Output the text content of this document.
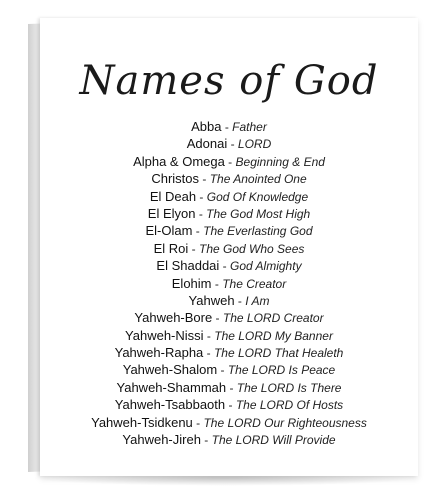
Names of God
Abba - Father
Adonai - LORD
Alpha & Omega - Beginning & End
Christos - The Anointed One
El Deah - God Of Knowledge
El Elyon - The God Most High
El-Olam - The Everlasting God
El Roi - The God Who Sees
El Shaddai - God Almighty
Elohim - The Creator
Yahweh - I Am
Yahweh-Bore - The LORD Creator
Yahweh-Nissi - The LORD My Banner
Yahweh-Rapha - The LORD That Healeth
Yahweh-Shalom - The LORD Is Peace
Yahweh-Shammah - The LORD Is There
Yahweh-Tsabbaoth - The LORD Of Hosts
Yahweh-Tsidkenu - The LORD Our Righteousness
Yahweh-Jireh - The LORD Will Provide
